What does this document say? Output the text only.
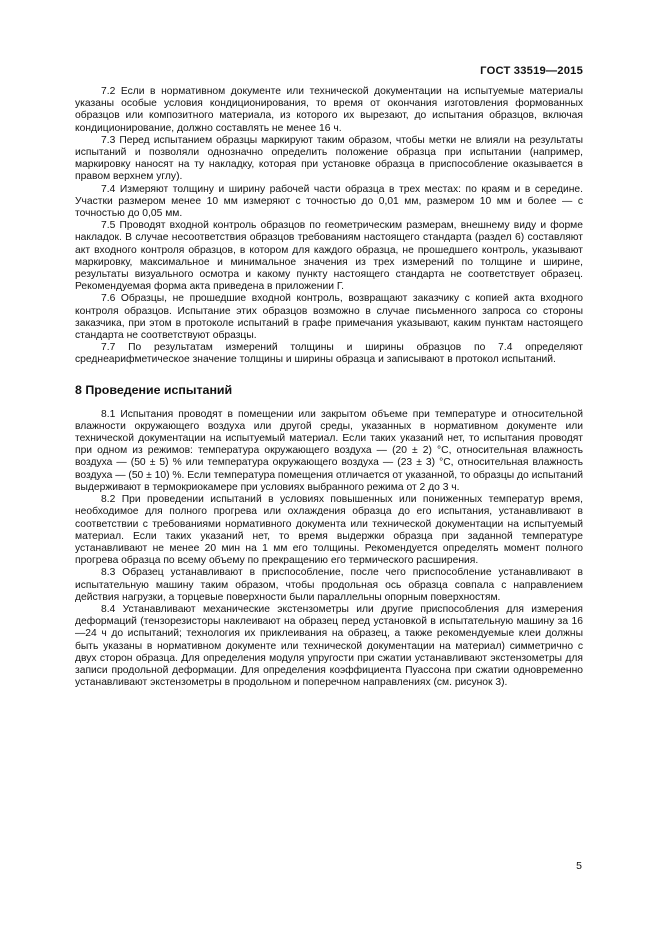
ГОСТ 33519—2015

7.2 Если в нормативном документе или технической документации на испытуемые материалы указаны особые условия кондиционирования, то время от окончания изготовления формованных образцов или композитного материала, из которого их вырезают, до испытания образцов, включая кондиционирование, должно составлять не менее 16 ч.

7.3 Перед испытанием образцы маркируют таким образом, чтобы метки не влияли на результаты испытаний и позволяли однозначно определить положение образца при испытании (например, маркировку наносят на ту накладку, которая при установке образца в приспособление оказывается в правом верхнем углу).

7.4 Измеряют толщину и ширину рабочей части образца в трех местах: по краям и в середине. Участки размером менее 10 мм измеряют с точностью до 0,01 мм, размером 10 мм и более — с точностью до 0,05 мм.

7.5 Проводят входной контроль образцов по геометрическим размерам, внешнему виду и форме накладок. В случае несоответствия образцов требованиям настоящего стандарта (раздел 6) составляют акт входного контроля образцов, в котором для каждого образца, не прошедшего контроль, указывают маркировку, максимальное и минимальное значения из трех измерений по толщине и ширине, результаты визуального осмотра и какому пункту настоящего стандарта не соответствует образец. Рекомендуемая форма акта приведена в приложении Г.

7.6 Образцы, не прошедшие входной контроль, возвращают заказчику с копией акта входного контроля образцов. Испытание этих образцов возможно в случае письменного запроса со стороны заказчика, при этом в протоколе испытаний в графе примечания указывают, каким пунктам настоящего стандарта не соответствуют образцы.

7.7 По результатам измерений толщины и ширины образцов по 7.4 определяют среднеарифметическое значение толщины и ширины образца и записывают в протокол испытаний.

8 Проведение испытаний

8.1 Испытания проводят в помещении или закрытом объеме при температуре и относительной влажности окружающего воздуха или другой среды, указанных в нормативном документе или технической документации на испытуемый материал. Если таких указаний нет, то испытания проводят при одном из режимов: температура окружающего воздуха — (20 ± 2) °С, относительная влажность воздуха — (50 ± 5) % или температура окружающего воздуха — (23 ± 3) °С, относительная влажность воздуха — (50 ± 10) %. Если температура помещения отличается от указанной, то образцы до испытаний выдерживают в термокриокамере при условиях выбранного режима от 2 до 3 ч.

8.2 При проведении испытаний в условиях повышенных или пониженных температур время, необходимое для полного прогрева или охлаждения образца до его испытания, устанавливают в соответствии с требованиями нормативного документа или технической документации на испытуемый материал. Если таких указаний нет, то время выдержки образца при заданной температуре устанавливают не менее 20 мин на 1 мм его толщины. Рекомендуется определять момент полного прогрева образца по всему объему по прекращению его термического расширения.

8.3 Образец устанавливают в приспособление, после чего приспособление устанавливают в испытательную машину таким образом, чтобы продольная ось образца совпала с направлением действия нагрузки, а торцевые поверхности были параллельны опорным поверхностям.

8.4 Устанавливают механические экстензометры или другие приспособления для измерения деформаций (тензорезисторы наклеивают на образец перед установкой в испытательную машину за 16—24 ч до испытаний; технология их приклеивания на образец, а также рекомендуемые клеи должны быть указаны в нормативном документе или технической документации на материал) симметрично с двух сторон образца. Для определения модуля упругости при сжатии устанавливают экстензометры для записи продольной деформации. Для определения коэффициента Пуассона при сжатии одновременно устанавливают экстензометры в продольном и поперечном направлениях (см. рисунок 3).

5
